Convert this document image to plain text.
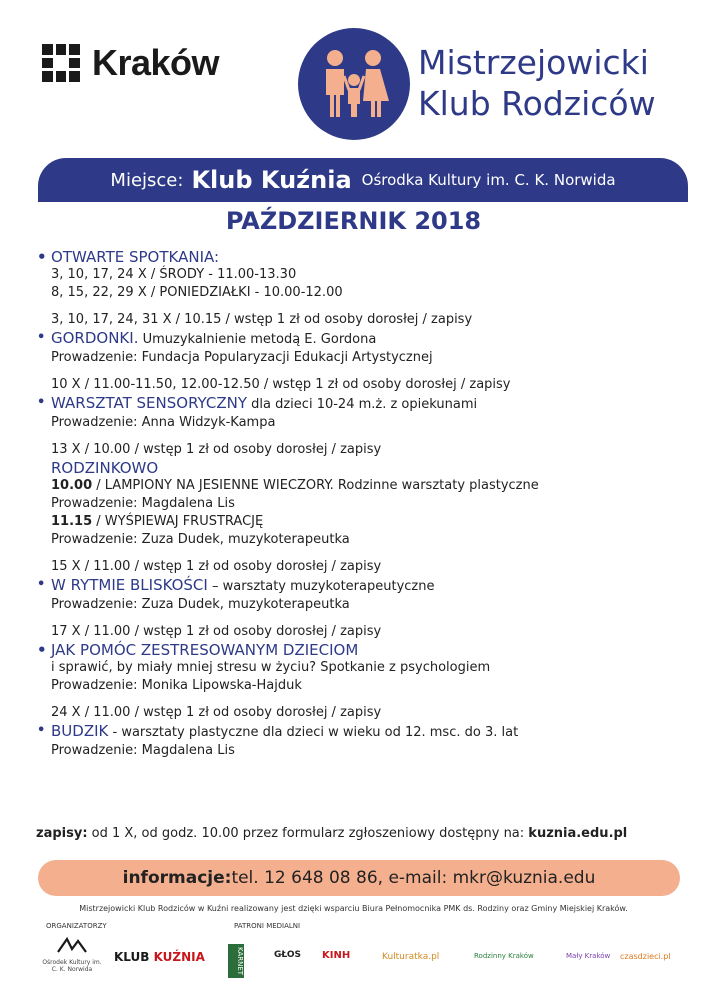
Kraków	Mistrzejowicki
Klub Rodziców
Miejsce: Klub Kuźnia Ośrodka Kultury im. C. K. Norwida
PAŹDZIERNIK 2018
• OTWARTE SPOTKANIA:
3, 10, 17, 24 X / ŚRODY - 11.00-13.30
8, 15, 22, 29 X / PONIEDZIAŁKI - 10.00-12.00
3, 10, 17, 24, 31 X / 10.15 / wstęp 1 zł od osoby dorosłej / zapisy
• GORDONKI. Umuzykalnienie metodą E. Gordona
Prowadzenie: Fundacja Popularyzacji Edukacji Artystycznej
10 X / 11.00-11.50, 12.00-12.50 / wstęp 1 zł od osoby dorosłej / zapisy
• WARSZTAT SENSORYCZNY dla dzieci 10-24 m.ż. z opiekunami
Prowadzenie: Anna Widzyk-Kampa
13 X / 10.00 / wstęp 1 zł od osoby dorosłej / zapisy
RODZINKOWO
10.00 / LAMPIONY NA JESIENNE WIECZORY. Rodzinne warsztaty plastyczne
Prowadzenie: Magdalena Lis
11.15 / WYŚPIEWAJ FRUSTRACJĘ
Prowadzenie: Zuza Dudek, muzykoterapeutka
15 X / 11.00 / wstęp 1 zł od osoby dorosłej / zapisy
• W RYTMIE BLISKOŚCI – warsztaty muzykoterapeutyczne
Prowadzenie: Zuza Dudek, muzykoterapeutka
17 X / 11.00 / wstęp 1 zł od osoby dorosłej / zapisy
• JAK POMÓC ZESTRESOWANYM DZIECIOM
i sprawić, by miały mniej stresu w życiu? Spotkanie z psychologiem
Prowadzenie: Monika Lipowska-Hajduk
24 X / 11.00 / wstęp 1 zł od osoby dorosłej / zapisy
• BUDZIK - warsztaty plastyczne dla dzieci w wieku od 12. msc. do 3. lat
Prowadzenie: Magdalena Lis
zapisy: od 1 X, od godz. 10.00 przez formularz zgłoszeniowy dostępny na: kuznia.edu.pl
informacje: tel. 12 648 08 86, e-mail: mkr@kuznia.edu
Mistrzejowicki Klub Rodziców w Kuźni realizowany jest dzięki wsparciu Biura Pełnomocnika PMK ds. Rodziny oraz Gminy Miejskiej Kraków.
ORGANIZATORZY	PATRONI MEDIALNI
Ośrodek Kultury im. C. K. Norwida
KLUB KUŹNIA	KARNET	GŁOS KINH	Kulturatka.pl	Rodzinny Kraków	Mały Kraków czasdzieci.pl
